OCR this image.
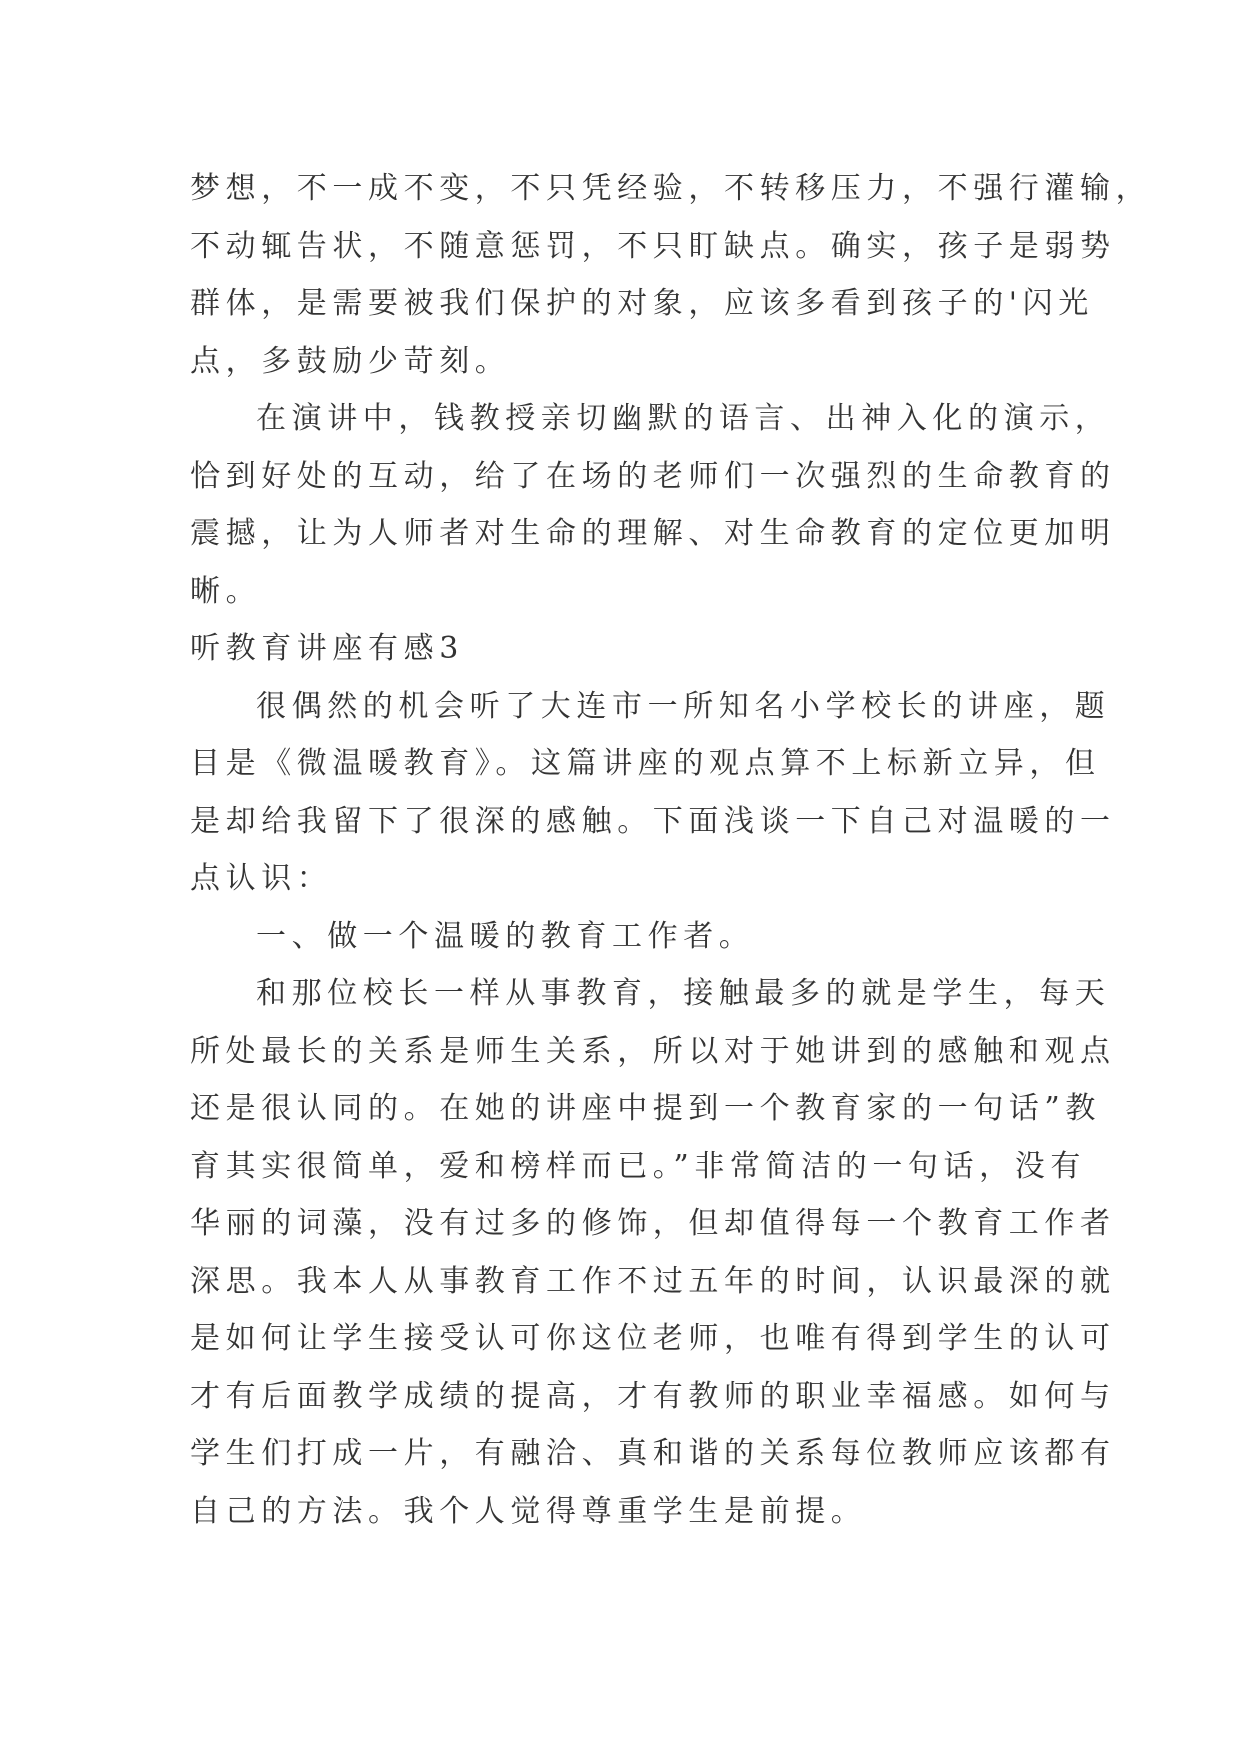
梦想，不一成不变，不只凭经验，不转移压力，不强行灌输，
不动辄告状，不随意惩罚，不只盯缺点。确实，孩子是弱势
群体，是需要被我们保护的对象，应该多看到孩子的'闪光
点，多鼓励少苛刻。
在演讲中，钱教授亲切幽默的语言、出神入化的演示，
恰到好处的互动，给了在场的老师们一次强烈的生命教育的
震撼，让为人师者对生命的理解、对生命教育的定位更加明
晰。
听教育讲座有感3
很偶然的机会听了大连市一所知名小学校长的讲座，题
目是《微温暖教育》。这篇讲座的观点算不上标新立异，但
是却给我留下了很深的感触。下面浅谈一下自己对温暖的一
点认识：
一、做一个温暖的教育工作者。
和那位校长一样从事教育，接触最多的就是学生，每天
所处最长的关系是师生关系，所以对于她讲到的感触和观点
还是很认同的。在她的讲座中提到一个教育家的一句话”教
育其实很简单，爱和榜样而已。”非常简洁的一句话，没有
华丽的词藻，没有过多的修饰，但却值得每一个教育工作者
深思。我本人从事教育工作不过五年的时间，认识最深的就
是如何让学生接受认可你这位老师，也唯有得到学生的认可
才有后面教学成绩的提高，才有教师的职业幸福感。如何与
学生们打成一片，有融洽、真和谐的关系每位教师应该都有
自己的方法。我个人觉得尊重学生是前提。
